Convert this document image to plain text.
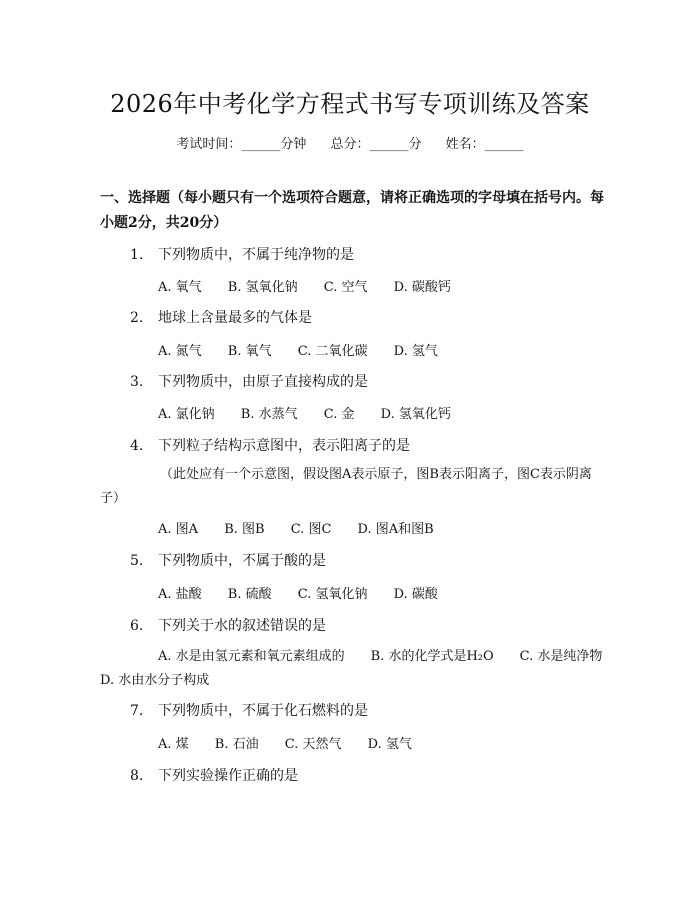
2026年中考化学方程式书写专项训练及答案
考试时间：______分钟 总分：______分 姓名：______
一、选择题（每小题只有一个选项符合题意，请将正确选项的字母填在括号内。每小题2分，共20分）
1. 下列物质中，不属于纯净物的是
A. 氧气 B. 氢氧化钠 C. 空气 D. 碳酸钙
2. 地球上含量最多的气体是
A. 氮气 B. 氧气 C. 二氧化碳 D. 氢气
3. 下列物质中，由原子直接构成的是
A. 氯化钠 B. 水蒸气 C. 金 D. 氢氧化钙
4. 下列粒子结构示意图中，表示阳离子的是
（此处应有一个示意图，假设图A表示原子，图B表示阳离子，图C表示阴离子）
A. 图A B. 图B C. 图C D. 图A和图B
5. 下列物质中，不属于酸的是
A. 盐酸 B. 硫酸 C. 氢氧化钠 D. 碳酸
6. 下列关于水的叙述错误的是
A. 水是由氢元素和氧元素组成的　　B. 水的化学式是H₂O　　C. 水是纯净物　　D. 水由水分子构成
7. 下列物质中，不属于化石燃料的是
A. 煤 B. 石油 C. 天然气 D. 氢气
8. 下列实验操作正确的是
